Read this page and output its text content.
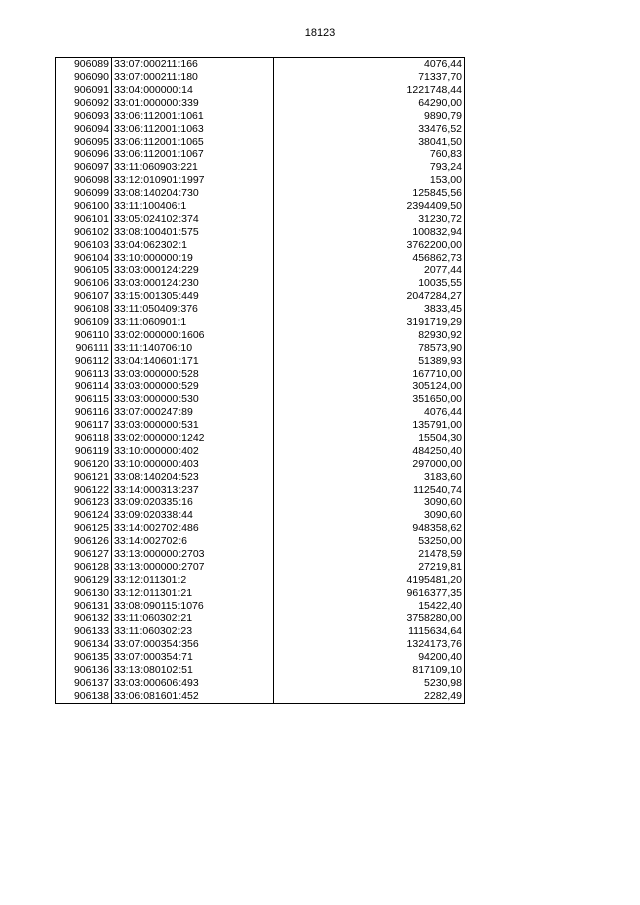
18123
906089	33:07:000211:166	4076,44
906090	33:07:000211:180	71337,70
906091	33:04:000000:14	1221748,44
906092	33:01:000000:339	64290,00
906093	33:06:112001:1061	9890,79
906094	33:06:112001:1063	33476,52
906095	33:06:112001:1065	38041,50
906096	33:06:112001:1067	760,83
906097	33:11:060903:221	793,24
906098	33:12:010901:1997	153,00
906099	33:08:140204:730	125845,56
906100	33:11:100406:1	2394409,50
906101	33:05:024102:374	31230,72
906102	33:08:100401:575	100832,94
906103	33:04:062302:1	3762200,00
906104	33:10:000000:19	456862,73
906105	33:03:000124:229	2077,44
906106	33:03:000124:230	10035,55
906107	33:15:001305:449	2047284,27
906108	33:11:050409:376	3833,45
906109	33:11:060901:1	3191719,29
906110	33:02:000000:1606	82930,92
906111	33:11:140706:10	78573,90
906112	33:04:140601:171	51389,93
906113	33:03:000000:528	167710,00
906114	33:03:000000:529	305124,00
906115	33:03:000000:530	351650,00
906116	33:07:000247:89	4076,44
906117	33:03:000000:531	135791,00
906118	33:02:000000:1242	15504,30
906119	33:10:000000:402	484250,40
906120	33:10:000000:403	297000,00
906121	33:08:140204:523	3183,60
906122	33:14:000313:237	112540,74
906123	33:09:020335:16	3090,60
906124	33:09:020338:44	3090,60
906125	33:14:002702:486	948358,62
906126	33:14:002702:6	53250,00
906127	33:13:000000:2703	21478,59
906128	33:13:000000:2707	27219,81
906129	33:12:011301:2	4195481,20
906130	33:12:011301:21	9616377,35
906131	33:08:090115:1076	15422,40
906132	33:11:060302:21	3758280,00
906133	33:11:060302:23	1115634,64
906134	33:07:000354:356	1324173,76
906135	33:07:000354:71	94200,40
906136	33:13:080102:51	817109,10
906137	33:03:000606:493	5230,98
906138	33:06:081601:452	2282,49
